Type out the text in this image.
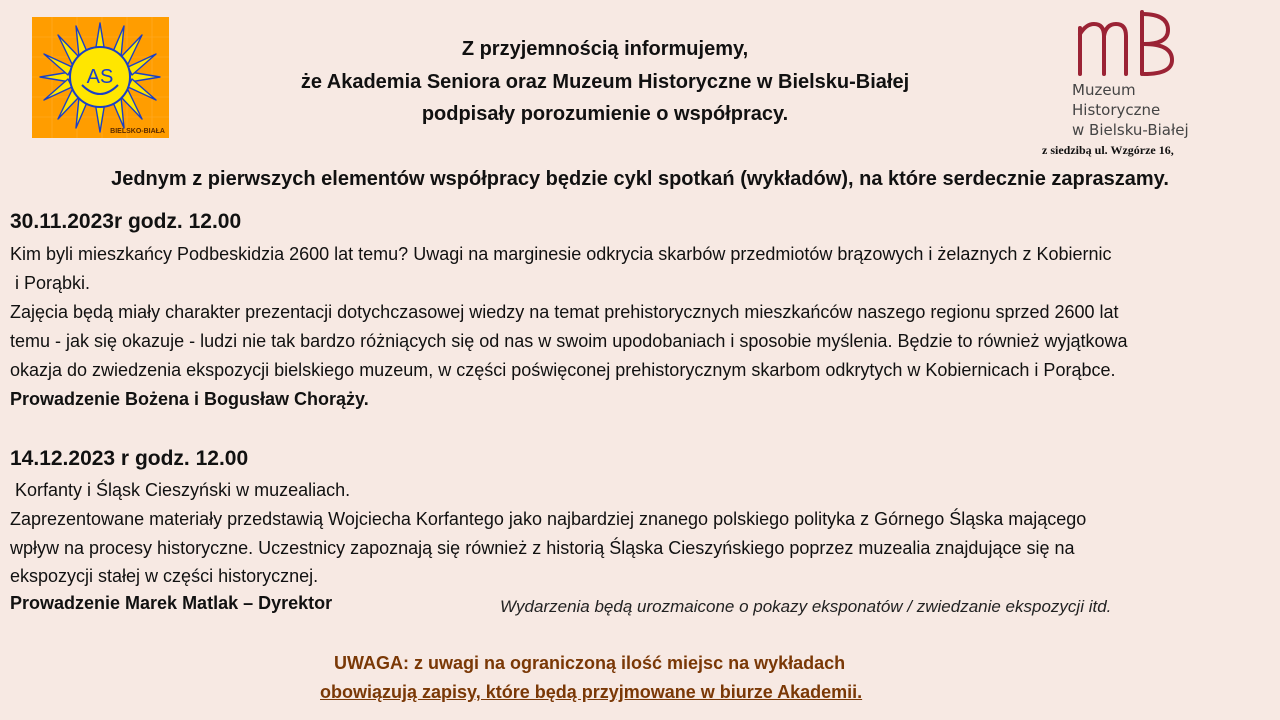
AS
BIELSKO-BIAŁA
Muzeum
Historyczne
w Bielsku-Białej
z siedzibą ul. Wzgórze 16,
Z przyjemnością informujemy,
że Akademia Seniora oraz Muzeum Historyczne w Bielsku-Białej
podpisały porozumienie o współpracy.
Jednym z pierwszych elementów współpracy będzie cykl spotkań (wykładów), na które serdecznie zapraszamy.
30.11.2023r godz. 12.00
Kim byli mieszkańcy Podbeskidzia 2600 lat temu? Uwagi na marginesie odkrycia skarbów przedmiotów brązowych i żelaznych z Kobiernic
i Porąbki.
Zajęcia będą miały charakter prezentacji dotychczasowej wiedzy na temat prehistorycznych mieszkańców naszego regionu sprzed 2600 lat
temu - jak się okazuje - ludzi nie tak bardzo różniących się od nas w swoim upodobaniach i sposobie myślenia. Będzie to również wyjątkowa
okazja do zwiedzenia ekspozycji bielskiego muzeum, w części poświęconej prehistorycznym skarbom odkrytych w Kobiernicach i Porąbce.
Prowadzenie Bożena i Bogusław Chorąży.
14.12.2023 r godz. 12.00
Korfanty i Śląsk Cieszyński w muzealiach.
Zaprezentowane materiały przedstawią Wojciecha Korfantego jako najbardziej znanego polskiego polityka z Górnego Śląska mającego
wpływ na procesy historyczne. Uczestnicy zapoznają się również z historią Śląska Cieszyńskiego poprzez muzealia znajdujące się na
ekspozycji stałej w części historycznej.
Prowadzenie Marek Matlak – Dyrektor	Wydarzenia będą urozmaicone o pokazy eksponatów / zwiedzanie ekspozycji itd.
UWAGA: z uwagi na ograniczoną ilość miejsc na wykładach
obowiązują zapisy, które będą przyjmowane w biurze Akademii.
